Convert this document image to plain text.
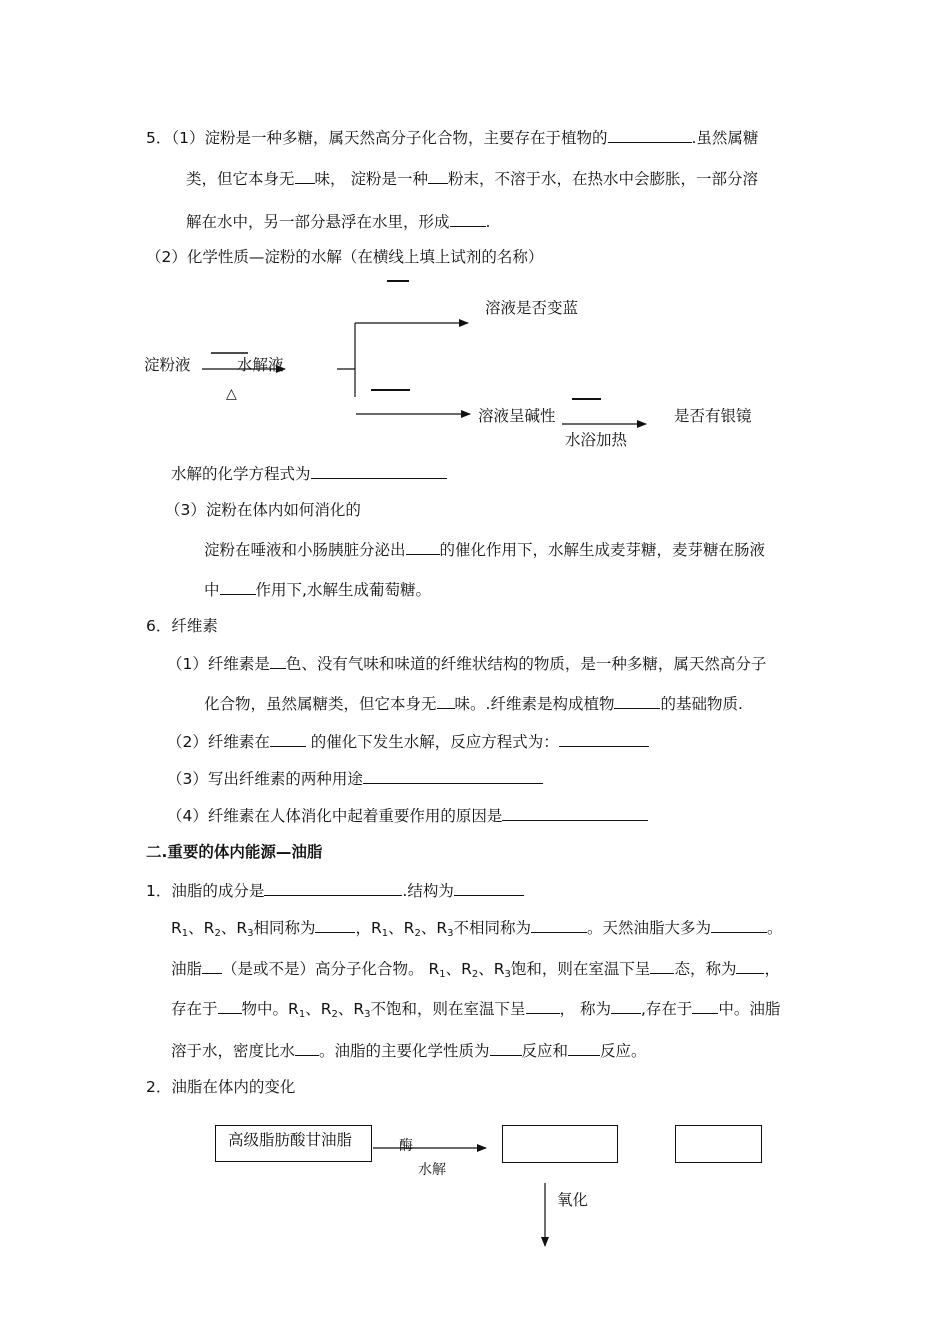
5．（1）淀粉是一种多糖，属天然高分子化合物，主要存在于植物的	.虽然属糖
类，但它本身无 味， 淀粉是一种 粉末，不溶于水，在热水中会膨胀，一部分溶
解在水中，另一部分悬浮在水里，形成 .
（2）化学性质—淀粉的水解（在横线上填上试剂的名称）
溶液是否变蓝
淀粉液	水解液
△
溶液呈碱性	是否有银镜
水浴加热
水解的化学方程式为
（3）淀粉在体内如何消化的
淀粉在唾液和小肠胰脏分泌出 的催化作用下，水解生成麦芽糖，麦芽糖在肠液
中 作用下,水解生成葡萄糖。
6．纤维素
（1）纤维素是 色、没有气味和味道的纤维状结构的物质，是一种多糖，属天然高分子
化合物，虽然属糖类，但它本身无 味。.纤维素是构成植物	的基础物质.
（2）纤维素在 的催化下发生水解，反应方程式为：
（3）写出纤维素的两种用途
（4）纤维素在人体消化中起着重要作用的原因是
二.重要的体内能源—油脂
1．油脂的成分是	.结构为
$R_1$、$R_2$、$R_3$相同称为	，$R_1$、$R_2$、$R_3$不相同称为	。天然油脂大多为	。
油脂 （是或不是）高分子化合物。 $R_1$、$R_2$、$R_3$饱和，则在室温下呈 态，称为 ，
存在于 物中。$R_1$、$R_2$、$R_3$不饱和，则在室温下呈 ， 称为 ,存在于 中。油脂
溶于水，密度比水 。油脂的主要化学性质为 反应和 反应。
2．油脂在体内的变化
高级脂肪酸甘油脂	酶
水解
氧化
